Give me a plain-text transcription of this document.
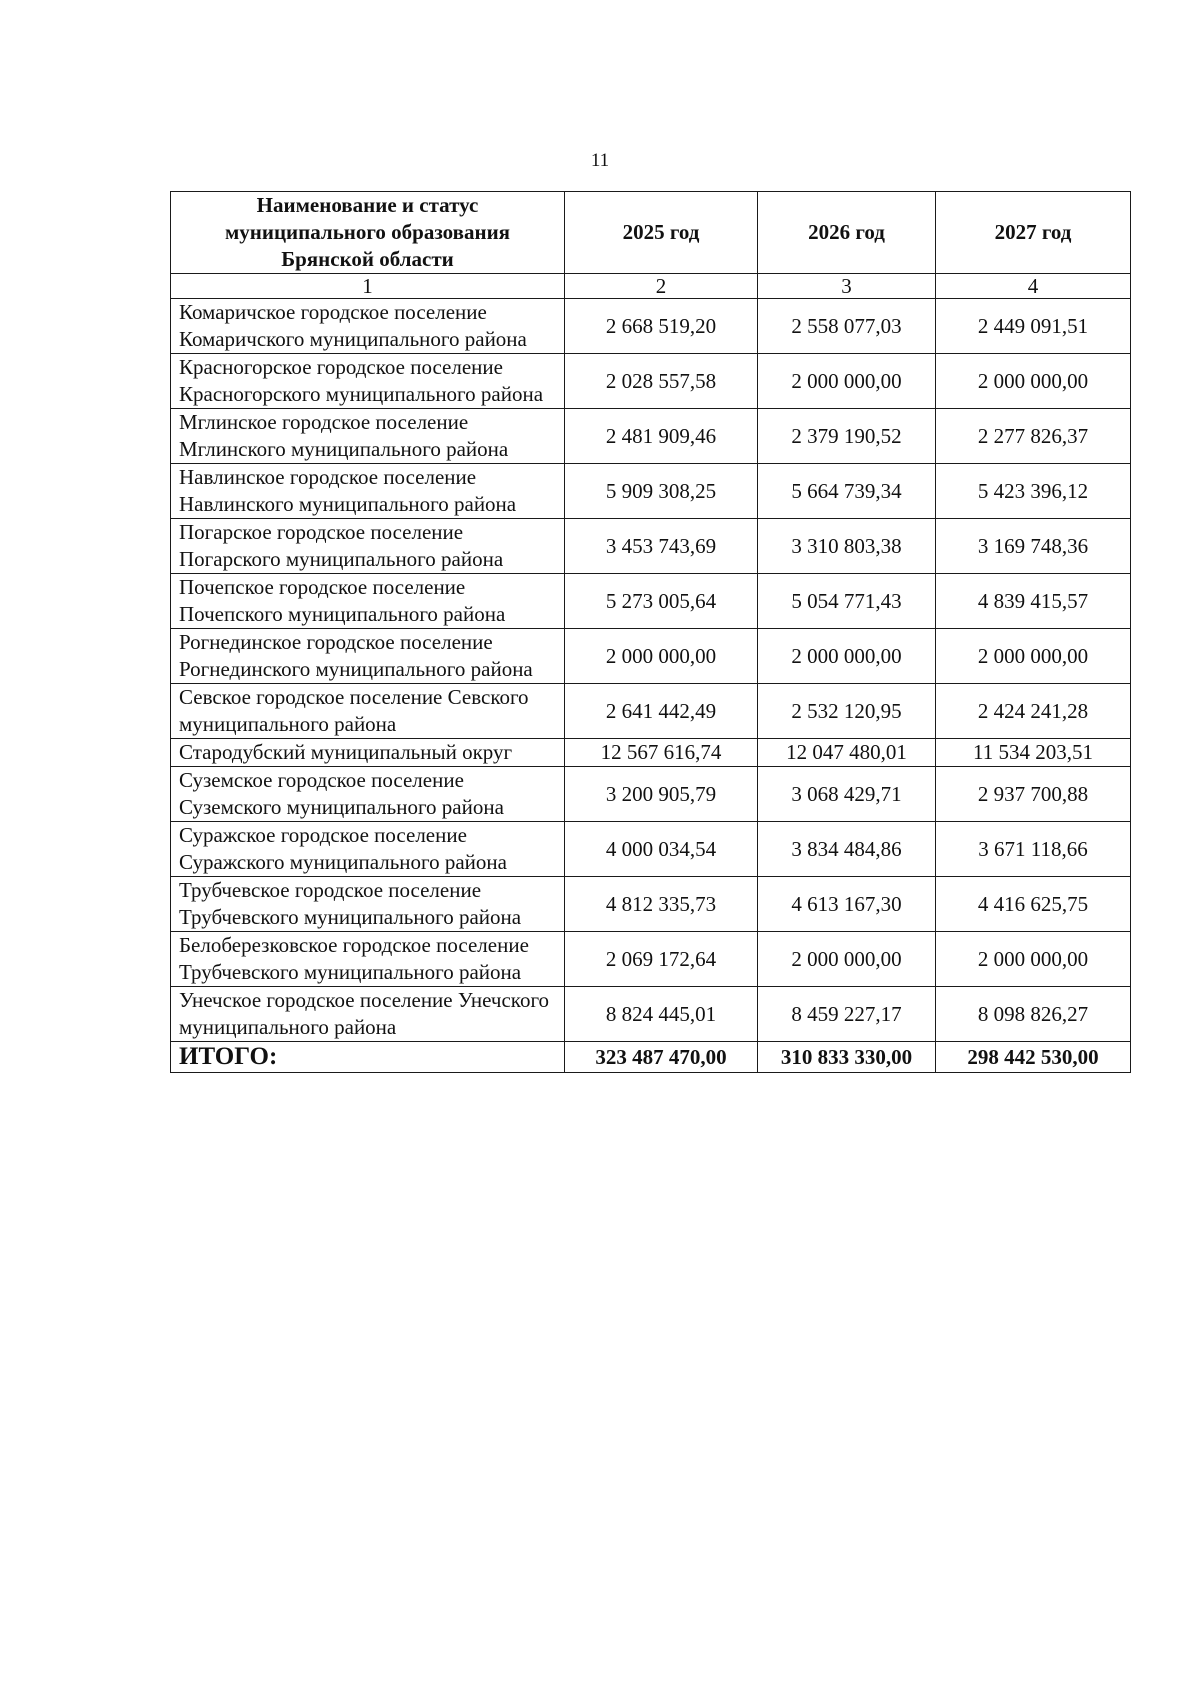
11
Наименование и статус муниципального образования Брянской области	2025 год	2026 год	2027 год
1	2	3	4
Комаричское городское поселение Комаричского муниципального района	2 668 519,20	2 558 077,03	2 449 091,51
Красногорское городское поселение Красногорского муниципального района	2 028 557,58	2 000 000,00	2 000 000,00
Мглинское городское поселение Мглинского муниципального района	2 481 909,46	2 379 190,52	2 277 826,37
Навлинское городское поселение Навлинского муниципального района	5 909 308,25	5 664 739,34	5 423 396,12
Погарское городское поселение Погарского муниципального района	3 453 743,69	3 310 803,38	3 169 748,36
Почепское городское поселение Почепского муниципального района	5 273 005,64	5 054 771,43	4 839 415,57
Рогнединское городское поселение Рогнединского муниципального района	2 000 000,00	2 000 000,00	2 000 000,00
Севское городское поселение Севского муниципального района	2 641 442,49	2 532 120,95	2 424 241,28
Стародубский муниципальный округ	12 567 616,74	12 047 480,01	11 534 203,51
Суземское городское поселение Суземского муниципального района	3 200 905,79	3 068 429,71	2 937 700,88
Суражское городское поселение Суражского муниципального района	4 000 034,54	3 834 484,86	3 671 118,66
Трубчевское городское поселение Трубчевского муниципального района	4 812 335,73	4 613 167,30	4 416 625,75
Белоберезковское городское поселение Трубчевского муниципального района	2 069 172,64	2 000 000,00	2 000 000,00
Унечское городское поселение Унечского муниципального района	8 824 445,01	8 459 227,17	8 098 826,27
ИТОГО:	323 487 470,00	310 833 330,00	298 442 530,00
